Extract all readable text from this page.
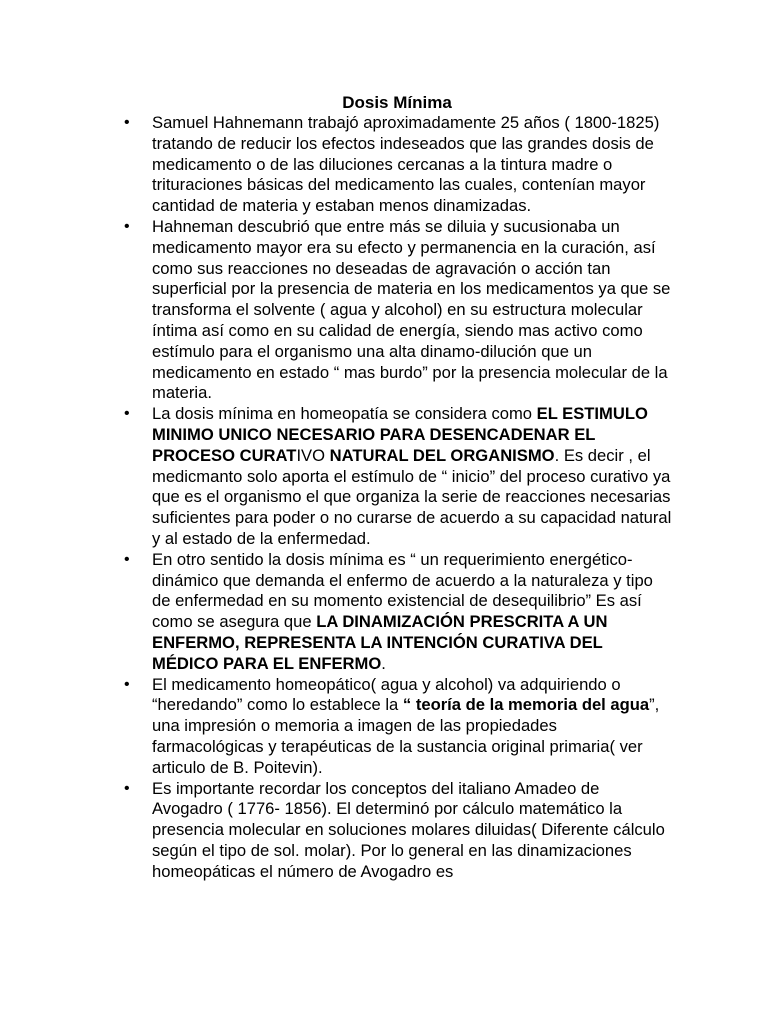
Dosis Mínima
• Samuel Hahnemann trabajó aproximadamente 25 años ( 1800-1825) tratando de reducir los efectos indeseados que las grandes dosis de medicamento o de las diluciones cercanas a la tintura madre o trituraciones básicas del medicamento las cuales, contenían mayor cantidad de materia y estaban menos dinamizadas.
• Hahneman descubrió que entre más se diluia y sucusionaba un medicamento mayor era su efecto y permanencia en la curación, así como sus reacciones no deseadas de agravación o acción tan superficial por la presencia de materia en los medicamentos ya que se transforma el solvente ( agua y alcohol) en su estructura molecular íntima así como en su calidad de energía, siendo mas activo como estímulo para el organismo una alta dinamo-dilución que un medicamento en estado “ mas burdo” por la presencia molecular de la materia.
• La dosis mínima en homeopatía se considera como EL ESTIMULO MINIMO UNICO NECESARIO PARA DESENCADENAR EL PROCESO CURATIVO NATURAL DEL ORGANISMO. Es decir , el medicmanto solo aporta el estímulo de “ inicio” del proceso curativo ya que es el organismo el que organiza la serie de reacciones necesarias suficientes para poder o no curarse de acuerdo a su capacidad natural y al estado de la enfermedad.
• En otro sentido la dosis mínima es “ un requerimiento energético-dinámico que demanda el enfermo de acuerdo a la naturaleza y tipo de enfermedad en su momento existencial de desequilibrio” Es así como se asegura que LA DINAMIZACIÓN PRESCRITA A UN ENFERMO, REPRESENTA LA INTENCIÓN CURATIVA DEL MÉDICO PARA EL ENFERMO.
• El medicamento homeopático( agua y alcohol) va adquiriendo o “heredando” como lo establece la “ teoría de la memoria del agua”, una impresión o memoria a imagen de las propiedades farmacológicas y terapéuticas de la sustancia original primaria( ver articulo de B. Poitevin).
• Es importante recordar los conceptos del italiano Amadeo de Avogadro ( 1776- 1856). El determinó por cálculo matemático la presencia molecular en soluciones molares diluidas( Diferente cálculo según el tipo de sol. molar). Por lo general en las dinamizaciones homeopáticas el número de Avogadro es
